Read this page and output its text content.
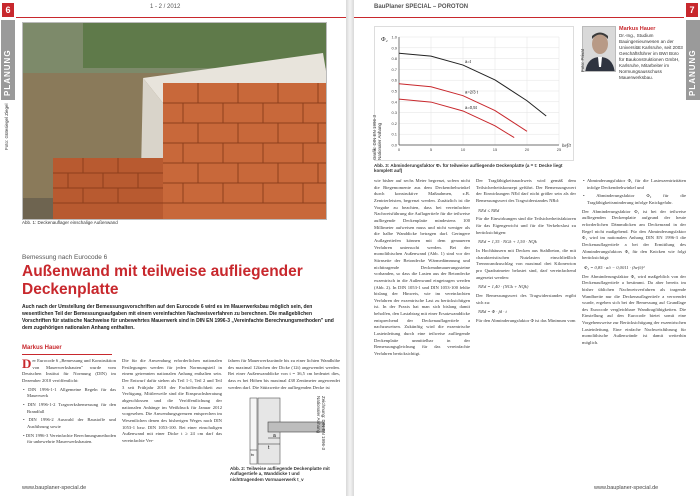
6	1 - 2 / 2012
PLANUNG
Abb. 1: Deckenauflager einschalige Außenwand
Foto: Gütesiegel Ziegel
Bemessung nach Eurocode 6
Außenwand mit teilweise aufliegender
Deckenplatte
Auch nach der Umstellung der Bemessungsvorschriften auf den Eurocode 6 wird es im Mauerwerksbau möglich sein, den wesentlichen Teil der Bemessungsaufgaben mit einem vereinfachten Nachweisverfahren zu berechnen. Die maßgeblichen Vorschriften für statische Nachweise für unbewehrtes Mauerwerk sind in DIN EN 1996-3 „Vereinfachte Berechnungsmethoden" und dem zugehörigen nationalen Anhang enthalten.
Markus Hauer

Der Eurocode 6 „Bemessung und Konstruktion von Mauerwerksbauten" wurde vom Deutschen Institut für Normung (DIN) im Dezember 2010 veröffentlicht:

• DIN 1996-1-1 Allgemeine Regeln für das Mauerwerk

• DIN 1996-1-2 Tragwerksbemessung für den Brandfall

• DIN 1996-2 Auswahl der Baustoffe und Ausführung sowie

• DIN 1996-3 Vereinfachte Berechnungsmethoden für unbewehrte Mauerwerksbauten.

Die für die Anwendung erforderlichen nationalen Festlegungen werden für jeden Normungsteil in einem getrennten nationalen Anhang enthalten sein. Der Entwurf dafür stehen als Teil 1-1, Teil 2 und Teil 3 seit Frühjahr 2010 der Fachöffentlichkeit zur Verfügung. Mittlerweile sind die Einspruchsberatung abgeschlossen und die Veröffentlichung der nationalen Anhänge im Weißdruck für Januar 2012 vorgesehen. Die Anwendungsgrenzen entsprechen im Wesentlichen denen des bisherigen Weges nach DIN 1053-1 bzw. DIN 1053-100. Bei einer einschaligen Außenwand mit einer Dicke t ≥ 24 cm darf das vereinfachte Ver-

fahren für Mauerwerkswände bis zu einer lichten Wandhöhe des maximal 12fachen der Dicke (12t) angewendet werden. Bei einer Außenwanddicke von t = 36,5 cm bedeutet dies, dass es bei Höhen bis maximal 438 Zentimeter angewendet werden darf. Die Stützweite der aufliegenden Decke ist

a
t
tv
Zeichnung: DIN EN 1996-3 Nationaler Anhang
Abb. 2: Teilweise aufliegende Deckenplatte mit Auflagertiefe a, Wanddicke t und nichttragendem Vormauerwerk t_v
www.bauplaner-special.de
BauPlaner SPECIAL – POROTON	7
PLANUNG
0.0
0.1
0.2
0.3
0.4
0.5
0.6
0.7
0.8
0.9
1.0
0	5	10	15	20	25
Φ₂
hef/t
a=t
a=2/3 t
a=0,5t
Grafik: DIN EN 1996-3 Nationaler Anhang
Abb. 3: Abminderungsfaktor Φ₁ für teilweise aufliegende Deckenplatte (a = t: Decke liegt komplett auf)
Foto: Privat
Markus Hauer
Dr.-Ing., Studium Bauingenieurwesen an der Universität Karlsruhe, seit 2003 Geschäftsführer im BWI Büro für Baukonstruktionen GmbH, Karlsruhe, Mitarbeiter im Normungsausschuss Mauerwerksbau.

wie bisher auf sechs Meter begrenzt, sofern nicht die Biegemomente aus dem Deckendrehwinkel durch konstruktive Maßnahmen, z.B. Zentrierleisten, begrenzt werden. Zusätzlich ist die Vorgabe zu beachten, dass bei vereinfachter Nachweisführung die Auflagertiefe für die teilweise aufliegende Deckenplatte mindestens 100 Millimeter aufweisen muss und nicht weniger als die halbe Wanddicke betragen darf. Geringere Auflagertiefen können mit dem genaueren Verfahren untersucht werden. Bei der monolithischen Außenwand (Abb. 1) sind vor der Stirnseite der Betondecke Wärmedämmung und nichttragende Deckenabmauerungssteine vorhanden, so dass die Lasten aus der Betondecke exzentrisch in die Außenwand eingetragen werden (Abb. 2). In DIN 1053-1 und DIN 1053-100 fehlte bislang der Hinweis, wie im vereinfachten Verfahren der exzentrische Last zu berücksichtigen ist. In der Praxis hat man sich bislang damit beholfen, den Lastabtrag mit einer Ersatzwanddicke entsprechend der Deckenauflagertiefe a nachzuweisen. Zukünftig wird die exzentrische Lasteinleitung durch eine teilweise aufliegende Deckenplatte unmittelbar in der Bemessungsgleichung für das vereinfachte Verfahren berücksichtigt.

Der Tragfähigkeitsnachweis wird gemäß dem Teilsicherheitskonzept geführt. Der Bemessungswert der Einwirkungen NEd darf nicht größer sein als der Bemessungswert des Tragwiderstandes NRd:

NEd ≤ NRd

Für die Einwirkungen sind die Teilsicherheitsfaktoren für das Eigengewicht und für die Verkehrslast zu berücksichtigen:

NEd = 1,35 · NGk + 1,50 · NQk

In Hochhäusern mit Decken aus Stahlbeton, die mit charakteristischen Nutzlasten einschließlich Trennwandzuschlag von maximal drei Kilonewton pro Quadratmeter belastet sind, darf vereinfachend angesetzt werden:

NEd = 1,40 · (NGk + NQk)

Der Bemessungswert des Tragwiderstandes ergibt sich zu:

NRd = Φ · fd · t

Für den Abminderungsfaktor Φ ist das Minimum vom

• Abminderungsfaktor Φ₁ für die Lastexzentrizitäten infolge Deckendrehwinkel und

• Abminderungsfaktor Φ₂ für die Tragfähigkeitsminderung infolge Knickgefahr.

Der Abminderungsfaktor Φ₁ ist bei der teilweise aufliegenden Deckenplatte aufgrund der heute erforderlichen Dämmdicken am Deckenrand in der Regel nicht maßgebend. Für den Abminderungsfaktor Φ₁ wird im nationalen Anhang DIN EN 1996-3 die Deckenauflagertiefe a bei der Ermittlung des Abminderungsfaktors Φ₁ für den Knicken wie folgt berücksichtigt:

Φ₂ = 0,85 · a/t − 0,0011 · (hef/t)²

Der Abminderungsfaktor Φ₁ wird maßgeblich von der Deckenauflagertiefe a bestimmt. Da aber bereits im bisher üblichen Nachweisverfahren als tragende Wandbreite nur die Deckenauflagertiefe a verwendet wurde, ergeben sich bei der Bemessung auf Grundlage des Eurocode vergleichbare Wandtragfähigkeiten. Die Einstellung auf den Eurocode bietet somit eine Vorgehensweise zur Berücksichtigung der exzentrischen Lasteinleitung. Eine einfache Nachweisführung für monolithische Außenwände ist damit weiterhin möglich.

www.bauplaner-special.de
